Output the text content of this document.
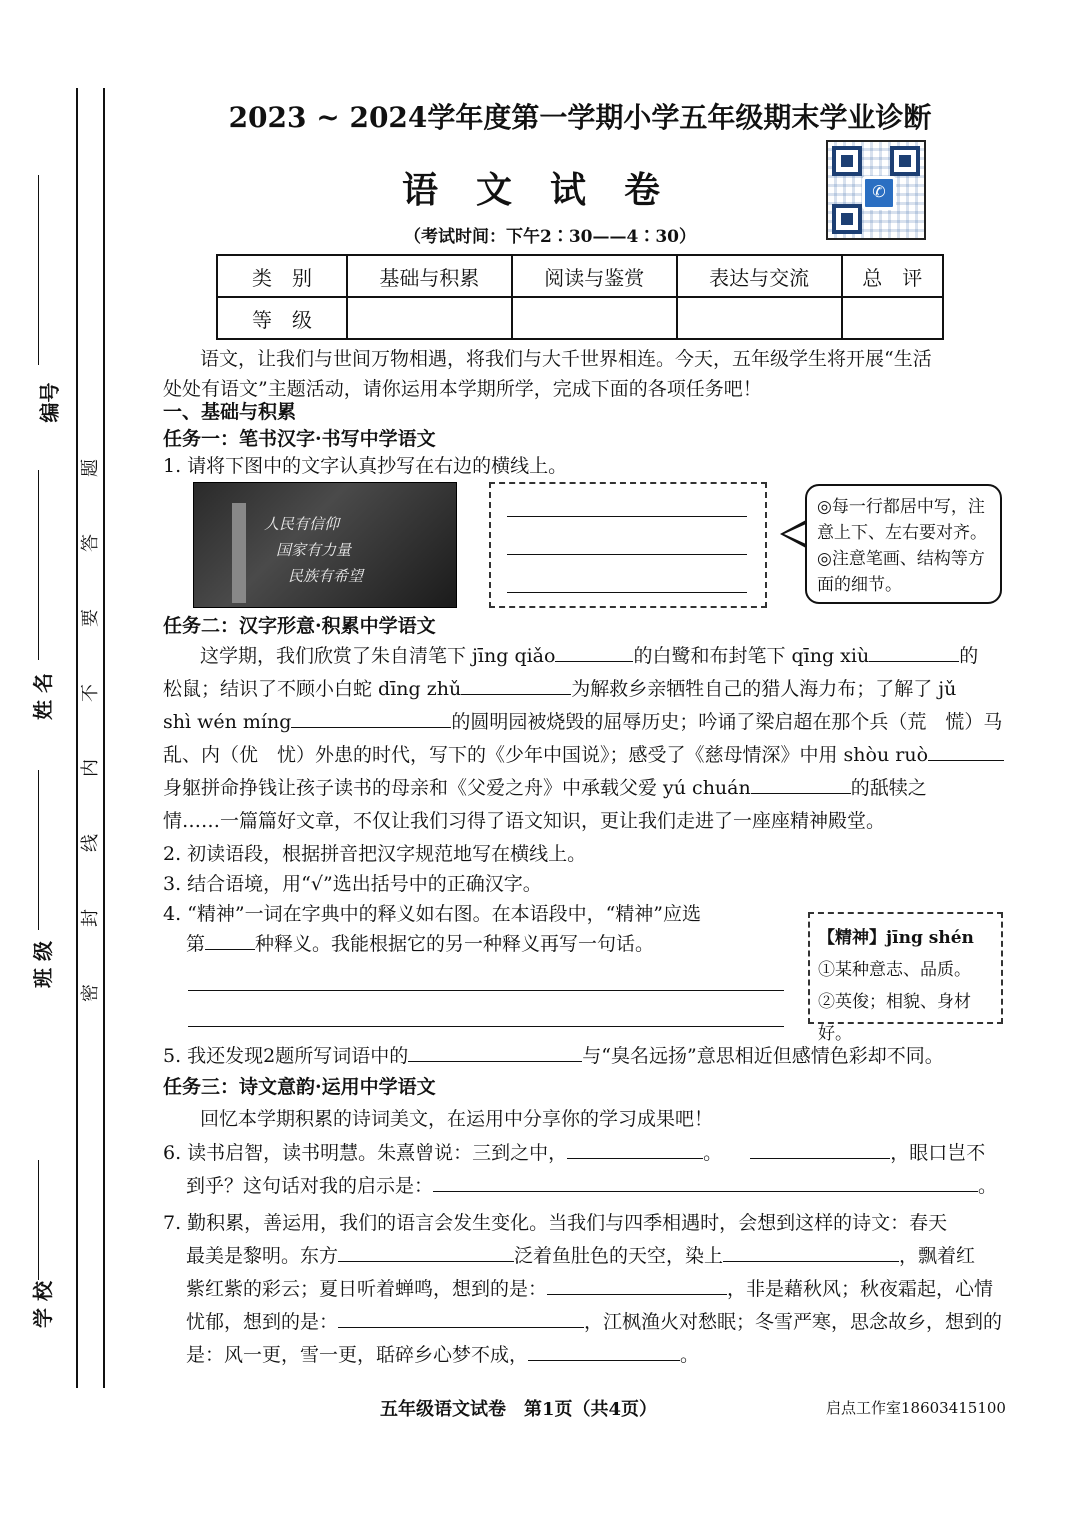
学 校
班 级
姓 名
编号
题
答
要
不
内
线
封
密
2023 ~ 2024学年度第一学期小学五年级期末学业诊断
语文试卷
（考试时间：下午2∶30——4∶30）
✆
类　别	基础与积累	阅读与鉴赏	表达与交流	总　评
等　级				
语文，让我们与世间万物相遇，将我们与大千世界相连。今天，五年级学生将开展“生活
处处有语文”主题活动，请你运用本学期所学，完成下面的各项任务吧！
一、基础与积累
任务一：笔书汉字·书写中学语文
1. 请将下图中的文字认真抄写在右边的横线上。
人民有信仰
国家有力量
民族有希望
◎每一行都居中写，注意上下、左右要对齐。
◎注意笔画、结构等方面的细节。
任务二：汉字形意·积累中学语文
这学期，我们欣赏了朱自清笔下 jīng qiǎo	的白鹭和布封笔下 qīng xiù	的
松鼠；结识了不顾小白蛇 dīng zhǔ	为解救乡亲牺牲自己的猎人海力布；了解了 jǔ
shì wén míng	的圆明园被烧毁的屈辱历史；吟诵了梁启超在那个兵（荒　慌）马
乱、内（优　忧）外患的时代，写下的《少年中国说》；感受了《慈母情深》中用 shòu ruò
身躯拼命挣钱让孩子读书的母亲和《父爱之舟》中承载父爱 yú chuán	的舐犊之
情……一篇篇好文章，不仅让我们习得了语文知识，更让我们走进了一座座精神殿堂。
2. 初读语段，根据拼音把汉字规范地写在横线上。
3. 结合语境，用“√”选出括号中的正确汉字。
4. “精神”一词在字典中的释义如右图。在本语段中，“精神”应选
第	种释义。我能根据它的另一种释义再写一句话。	【精神】jīng shén
①某种意志、品质。
②英俊；相貌、身材好。
5. 我还发现2题所写词语中的	与“臭名远扬”意思相近但感情色彩却不同。
任务三：诗文意韵·运用中学语文
回忆本学期积累的诗词美文，在运用中分享你的学习成果吧！
6. 读书启智，读书明慧。朱熹曾说：三到之中，	。	，眼口岂不
到乎？这句话对我的启示是：	。
7. 勤积累，善运用，我们的语言会发生变化。当我们与四季相遇时，会想到这样的诗文：春天
最美是黎明。东方	泛着鱼肚色的天空，染上	，飘着红
紫红紫的彩云；夏日听着蝉鸣，想到的是：	，非是藉秋风；秋夜霜起，心情
忧郁，想到的是：	，江枫渔火对愁眠；冬雪严寒，思念故乡，想到的
是：风一更，雪一更，聒碎乡心梦不成，	。
五年级语文试卷　第1页（共4页）	启点工作室18603415100
